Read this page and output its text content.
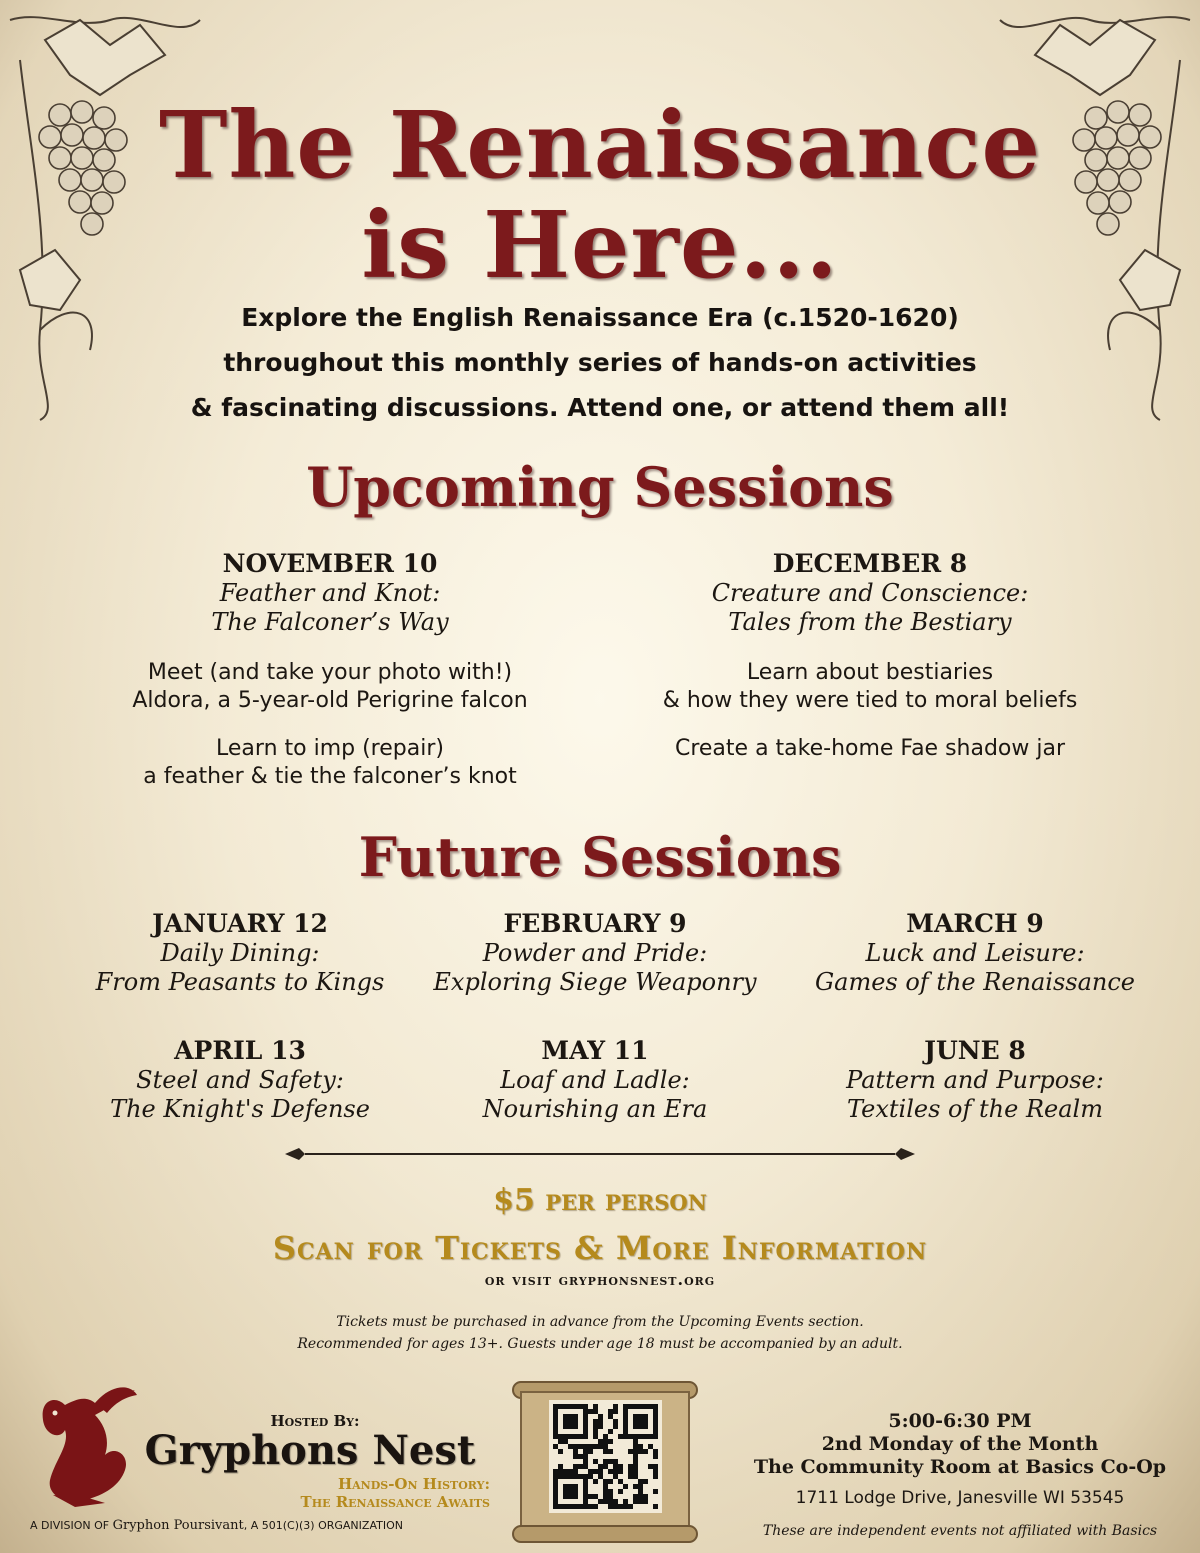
The Renaissance
is Here...
Explore the English Renaissance Era (c.1520-1620)
throughout this monthly series of hands-on activities
& fascinating discussions. Attend one, or attend them all!
Upcoming Sessions
NOVEMBER 10
Feather and Knot:
The Falconer’s Way
Meet (and take your photo with!)
Aldora, a 5-year-old Perigrine falcon
Learn to imp (repair)
a feather & tie the falconer’s knot
DECEMBER 8
Creature and Conscience:
Tales from the Bestiary
Learn about bestiaries
& how they were tied to moral beliefs
Create a take-home Fae shadow jar
Future Sessions
JANUARY 12
Daily Dining:
From Peasants to Kings
FEBRUARY 9
Powder and Pride:
Exploring Siege Weaponry
MARCH 9
Luck and Leisure:
Games of the Renaissance
APRIL 13
Steel and Safety:
The Knight's Defense
MAY 11
Loaf and Ladle:
Nourishing an Era
JUNE 8
Pattern and Purpose:
Textiles of the Realm
$5 per person
Scan for Tickets & More Information
or visit gryphonsnest.org
Tickets must be purchased in advance from the Upcoming Events section.
Recommended for ages 13+. Guests under age 18 must be accompanied by an adult.
Hosted By:
Gryphons Nest
Hands-On History:
The Renaissance Awaits
A DIVISION OF Gryphon Poursivant, A 501(C)(3) ORGANIZATION
5:00-6:30 PM
2nd Monday of the Month
The Community Room at Basics Co-Op
1711 Lodge Drive, Janesville WI 53545
These are independent events not affiliated with Basics
